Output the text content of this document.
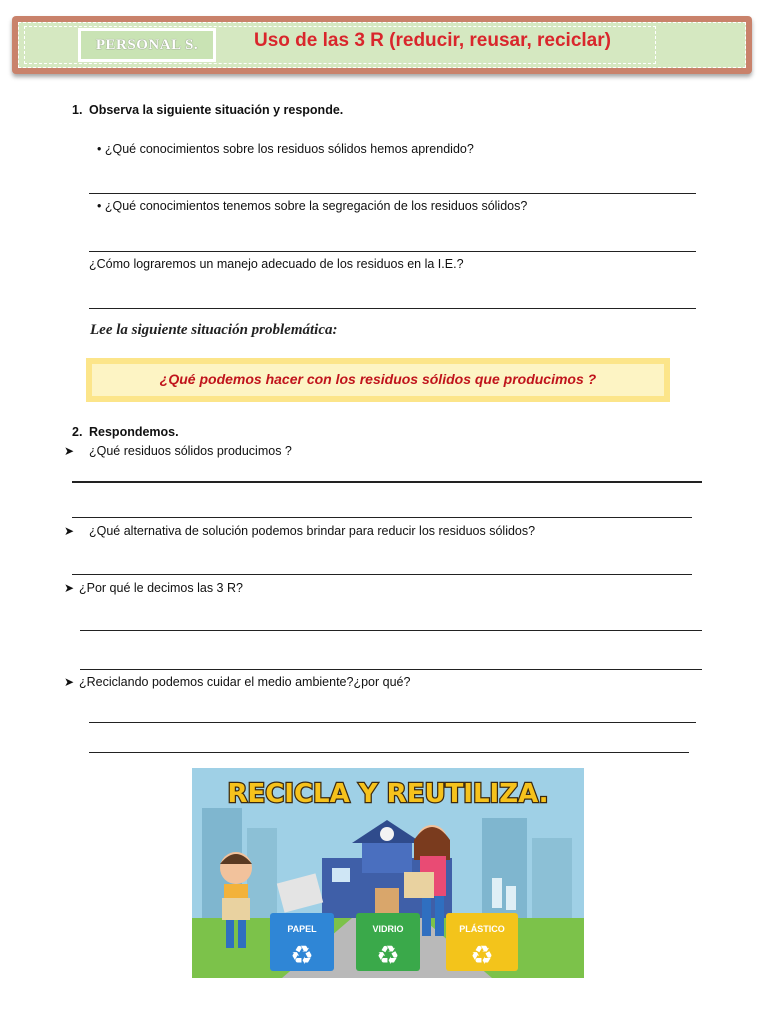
PERSONAL S.	Uso de las 3 R (reducir, reusar, reciclar)
1. Observa la siguiente situación y responde.
• ¿Qué conocimientos sobre los residuos sólidos hemos aprendido?
• ¿Qué conocimientos tenemos sobre la segregación de los residuos sólidos?
¿Cómo lograremos un manejo adecuado de los residuos en la I.E.?
Lee la siguiente situación problemática:
¿Qué podemos hacer con los residuos sólidos que producimos ?
2. Respondemos.
➤ ¿Qué residuos sólidos producimos ?
➤ ¿Qué alternativa de solución podemos brindar para reducir los residuos sólidos?
➤ ¿Por qué le decimos las 3 R?
➤ ¿Reciclando podemos cuidar el medio ambiente?¿por qué?
PAPEL	VIDRIO	PLÁSTICO
♻ ♻	♻
RECICLA Y REUTILIZA.
